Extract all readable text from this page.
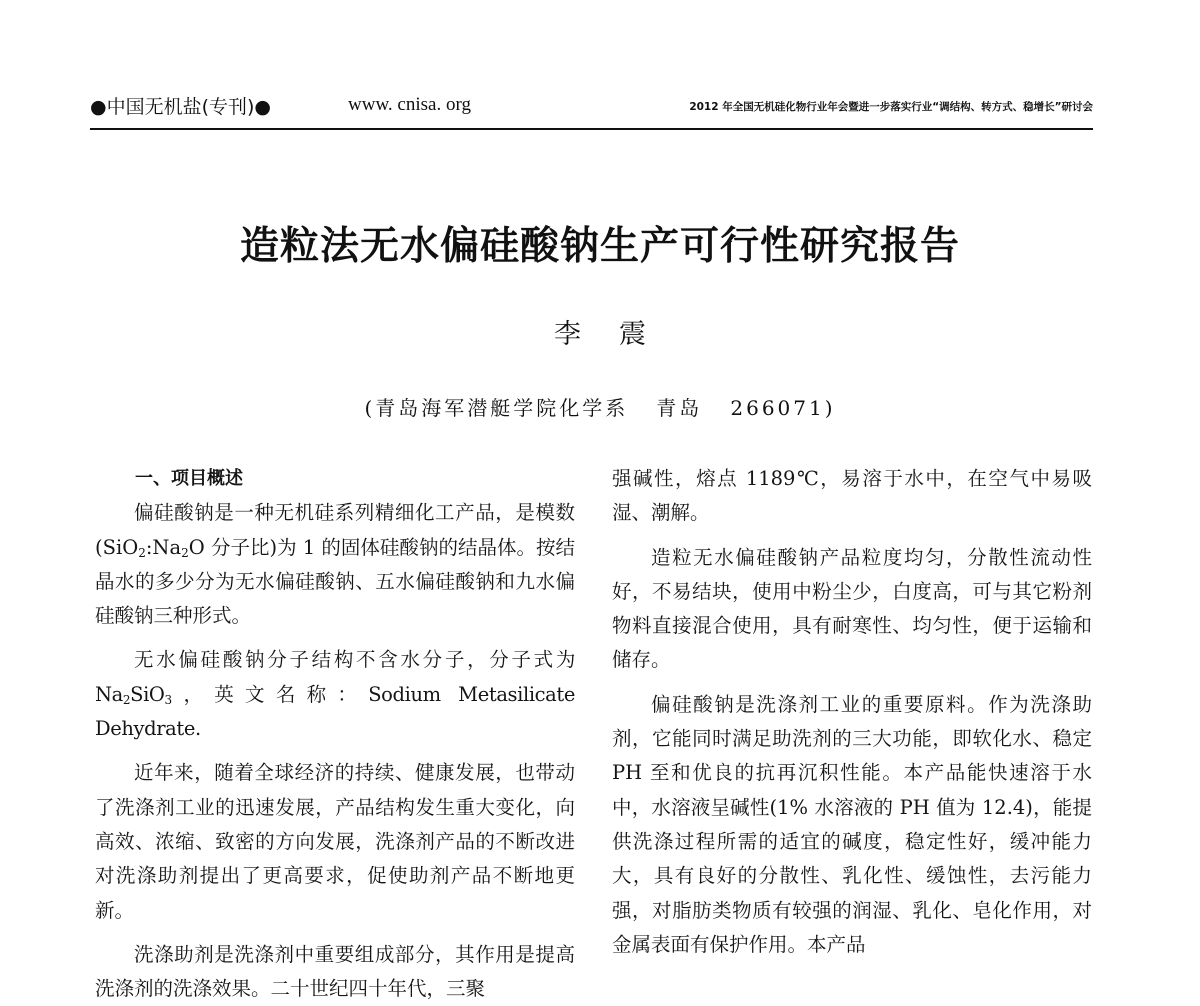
●中国无机盐(专刊)●	www. cnisa. org	2012 年全国无机硅化物行业年会暨进一步落实行业“调结构、转方式、稳增长”研讨会
造粒法无水偏硅酸钠生产可行性研究报告

李震

(青岛海军潜艇学院化学系   青岛   266071)

一、项目概述

偏硅酸钠是一种无机硅系列精细化工产品，是模数($SiO_2:Na_2O$ 分子比)为 1 的固体硅酸钠的结晶体。按结晶水的多少分为无水偏硅酸钠、五水偏硅酸钠和九水偏硅酸钠三种形式。

无水偏硅酸钠分子结构不含水分子，分子式为 $Na_2SiO_3$，英文名称：Sodium Metasilicate Dehydrate.

近年来，随着全球经济的持续、健康发展，也带动了洗涤剂工业的迅速发展，产品结构发生重大变化，向高效、浓缩、致密的方向发展，洗涤剂产品的不断改进对洗涤助剂提出了更高要求，促使助剂产品不断地更新。

洗涤助剂是洗涤剂中重要组成部分，其作用是提高洗涤剂的洗涤效果。二十世纪四十年代，三聚

强碱性，熔点 1189℃，易溶于水中，在空气中易吸湿、潮解。

造粒无水偏硅酸钠产品粒度均匀，分散性流动性好，不易结块，使用中粉尘少，白度高，可与其它粉剂物料直接混合使用，具有耐寒性、均匀性，便于运输和储存。

偏硅酸钠是洗涤剂工业的重要原料。作为洗涤助剂，它能同时满足助洗剂的三大功能，即软化水、稳定 PH 至和优良的抗再沉积性能。本产品能快速溶于水中，水溶液呈碱性(1% 水溶液的 PH 值为 12.4)，能提供洗涤过程所需的适宜的碱度，稳定性好，缓冲能力大，具有良好的分散性、乳化性、缓蚀性，去污能力强，对脂肪类物质有较强的润湿、乳化、皂化作用，对金属表面有保护作用。本产品
